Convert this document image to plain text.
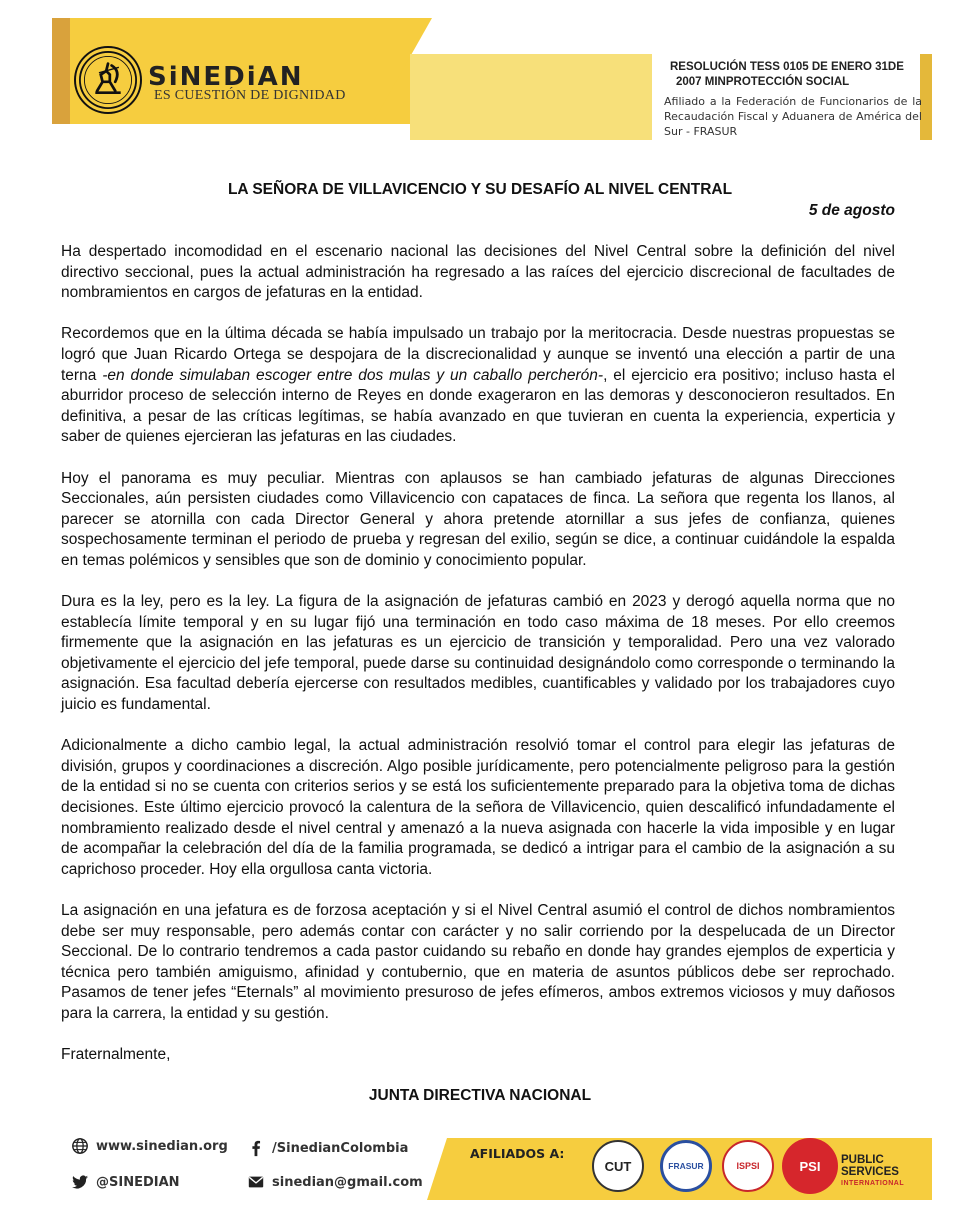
SiNEDiAN
ES CUESTIÓN DE DIGNIDAD
RESOLUCIÓN TESS 0105 DE ENERO 31DE
2007 MINPROTECCIÓN SOCIAL
Afiliado a la Federación de Funcionarios de la Recaudación Fiscal y Aduanera de América del Sur - FRASUR
LA SEÑORA DE VILLAVICENCIO Y SU DESAFÍO AL NIVEL CENTRAL
5 de agosto

Ha despertado incomodidad en el escenario nacional las decisiones del Nivel Central sobre la definición del nivel directivo seccional, pues la actual administración ha regresado a las raíces del ejercicio discrecional de facultades de nombramientos en cargos de jefaturas en la entidad.

Recordemos que en la última década se había impulsado un trabajo por la meritocracia. Desde nuestras propuestas se logró que Juan Ricardo Ortega se despojara de la discrecionalidad y aunque se inventó una elección a partir de una terna -en donde simulaban escoger entre dos mulas y un caballo percherón-, el ejercicio era positivo; incluso hasta el aburridor proceso de selección interno de Reyes en donde exageraron en las demoras y desconocieron resultados. En definitiva, a pesar de las críticas legítimas, se había avanzado en que tuvieran en cuenta la experiencia, experticia y saber de quienes ejercieran las jefaturas en las ciudades.

Hoy el panorama es muy peculiar. Mientras con aplausos se han cambiado jefaturas de algunas Direcciones Seccionales, aún persisten ciudades como Villavicencio con capataces de finca. La señora que regenta los llanos, al parecer se atornilla con cada Director General y ahora pretende atornillar a sus jefes de confianza, quienes sospechosamente terminan el periodo de prueba y regresan del exilio, según se dice, a continuar cuidándole la espalda en temas polémicos y sensibles que son de dominio y conocimiento popular.

Dura es la ley, pero es la ley. La figura de la asignación de jefaturas cambió en 2023 y derogó aquella norma que no establecía límite temporal y en su lugar fijó una terminación en todo caso máxima de 18 meses. Por ello creemos firmemente que la asignación en las jefaturas es un ejercicio de transición y temporalidad. Pero una vez valorado objetivamente el ejercicio del jefe temporal, puede darse su continuidad designándolo como corresponde o terminando la asignación. Esa facultad debería ejercerse con resultados medibles, cuantificables y validado por los trabajadores cuyo juicio es fundamental.

Adicionalmente a dicho cambio legal, la actual administración resolvió tomar el control para elegir las jefaturas de división, grupos y coordinaciones a discreción. Algo posible jurídicamente, pero potencialmente peligroso para la gestión de la entidad si no se cuenta con criterios serios y se está los suficientemente preparado para la objetiva toma de dichas decisiones. Este último ejercicio provocó la calentura de la señora de Villavicencio, quien descalificó infundadamente el nombramiento realizado desde el nivel central y amenazó a la nueva asignada con hacerle la vida imposible y en lugar de acompañar la celebración del día de la familia programada, se dedicó a intrigar para el cambio de la asignación a su caprichoso proceder. Hoy ella orgullosa canta victoria.

La asignación en una jefatura es de forzosa aceptación y si el Nivel Central asumió el control de dichos nombramientos debe ser muy responsable, pero además contar con carácter y no salir corriendo por la despelucada de un Director Seccional. De lo contrario tendremos a cada pastor cuidando su rebaño en donde hay grandes ejemplos de experticia y técnica pero también amiguismo, afinidad y contubernio, que en materia de asuntos públicos debe ser reprochado. Pasamos de tener jefes “Eternals” al movimiento presuroso de jefes efímeros, ambos extremos viciosos y muy dañosos para la carrera, la entidad y su gestión.

Fraternalmente,
JUNTA DIRECTIVA NACIONAL
www.sinedian.org	/SinedianColombia
@SINEDIAN	sinedian@gmail.com
AFILIADOS A:
CUT	FRASUR	ISPSI	PSI PUBLIC
SERVICES
INTERNATIONAL
